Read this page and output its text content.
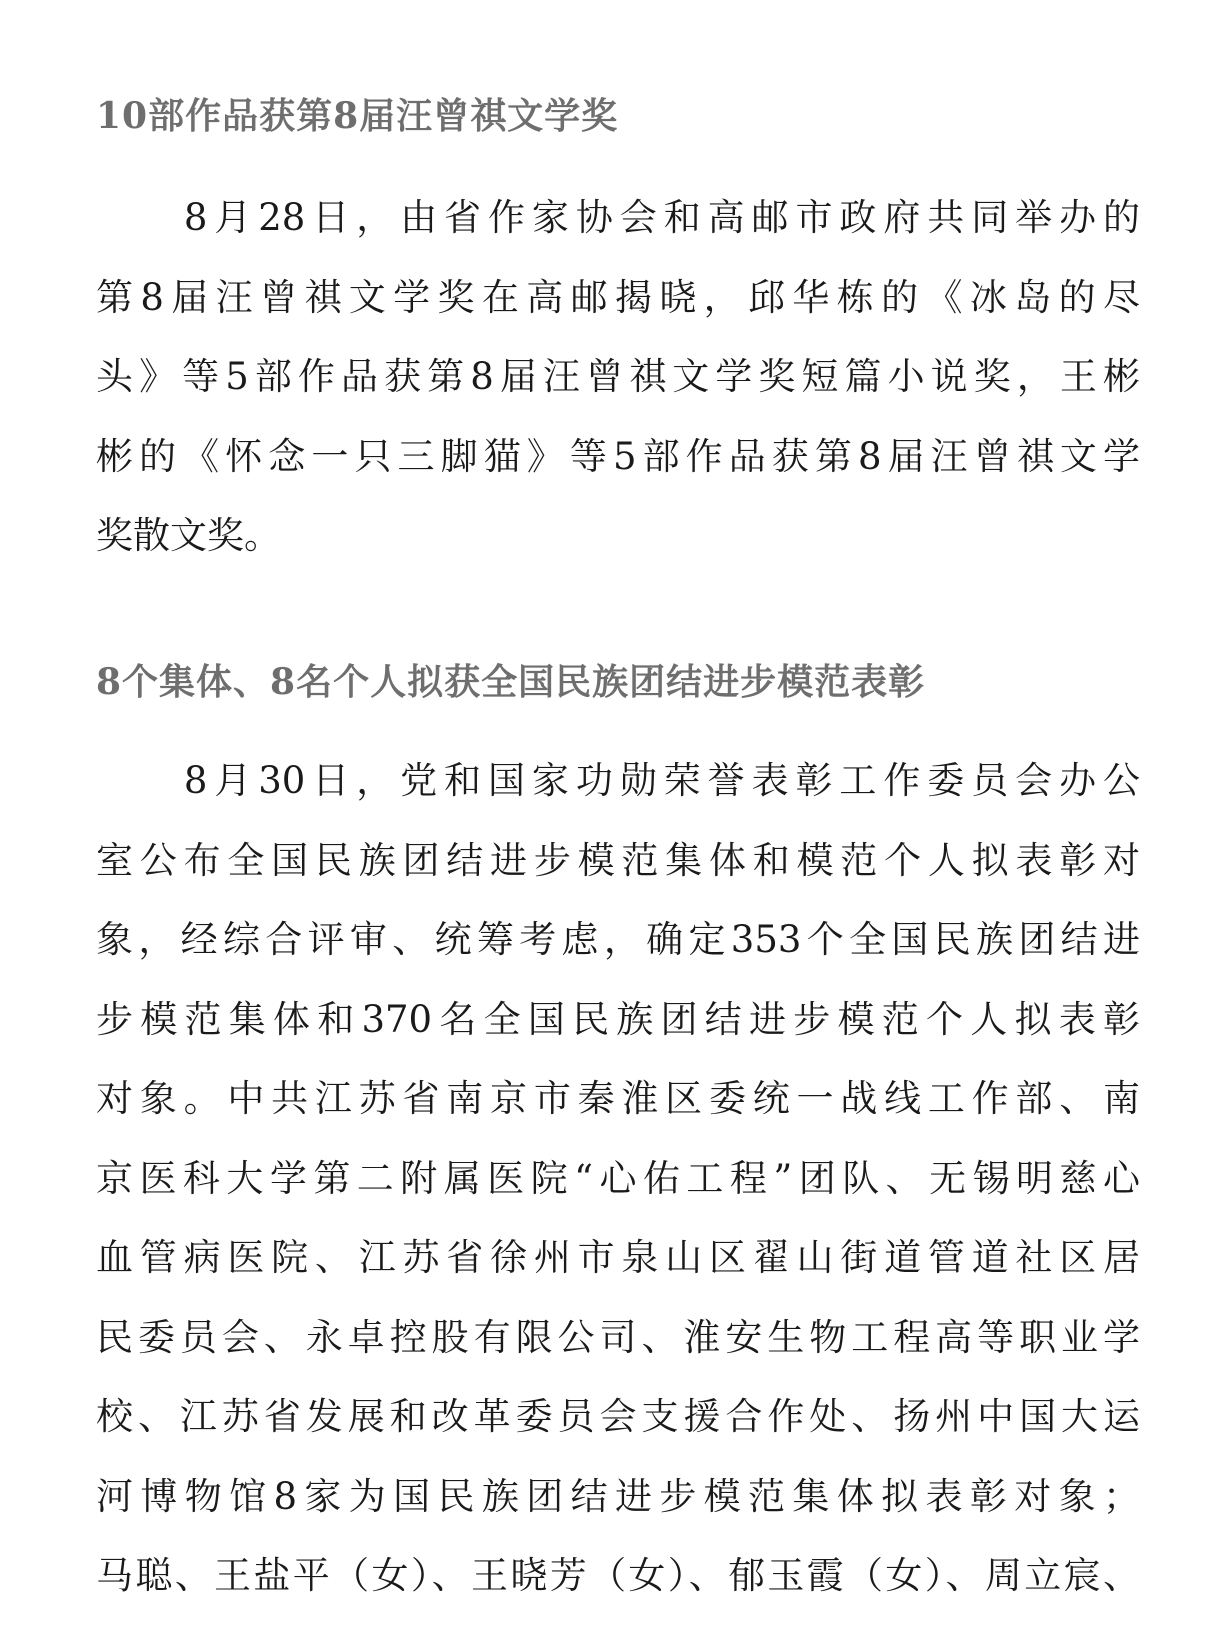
10部作品获第8届汪曾祺文学奖
　　8月28日，由省作家协会和高邮市政府共同举办的
第8届汪曾祺文学奖在高邮揭晓，邱华栋的《冰岛的尽
头》等5部作品获第8届汪曾祺文学奖短篇小说奖，王彬
彬的《怀念一只三脚猫》等5部作品获第8届汪曾祺文学
奖散文奖。
8个集体、8名个人拟获全国民族团结进步模范表彰
　　8月30日，党和国家功勋荣誉表彰工作委员会办公
室公布全国民族团结进步模范集体和模范个人拟表彰对
象，经综合评审、统筹考虑，确定353个全国民族团结进
步模范集体和370名全国民族团结进步模范个人拟表彰
对象。中共江苏省南京市秦淮区委统一战线工作部、南
京医科大学第二附属医院“心佑工程”团队、无锡明慈心
血管病医院、江苏省徐州市泉山区翟山街道管道社区居
民委员会、永卓控股有限公司、淮安生物工程高等职业学
校、江苏省发展和改革委员会支援合作处、扬州中国大运
河博物馆8家为国民族团结进步模范集体拟表彰对象；
马聪、王盐平（女）、王晓芳（女）、郁玉霞（女）、周立宸、
